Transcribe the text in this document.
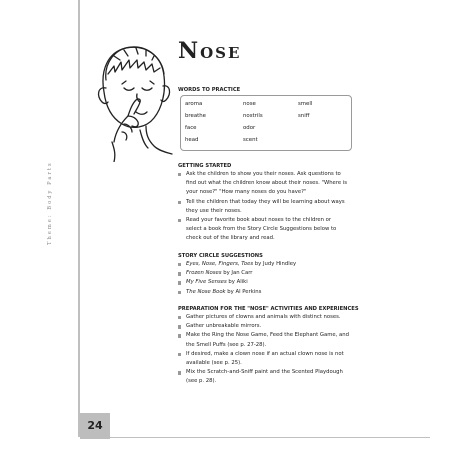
Theme: Body Parts
Nose
WORDS TO PRACTICE
aroma
breathe
face
head
nose
nostrils
odor
scent
smell
sniff
GETTING STARTED
Ask the children to show you their noses. Ask questions to
find out what the children know about their noses. "Where is
your nose?" "How many noses do you have?"
Tell the children that today they will be learning about ways
they use their noses.
Read your favorite book about noses to the children or
select a book from the Story Circle Suggestions below to
check out of the library and read.
STORY CIRCLE SUGGESTIONS
Eyes, Nose, Fingers, Toes by Judy Hindley
Frozen Noses by Jan Carr
My Five Senses by Aliki
The Nose Book by Al Perkins
PREPARATION FOR THE "NOSE" ACTIVITIES AND EXPERIENCES
Gather pictures of clowns and animals with distinct noses.
Gather unbreakable mirrors.
Make the Ring the Nose Game, Feed the Elephant Game, and
the Smell Puffs (see p. 27-28).
If desired, make a clown nose if an actual clown nose is not
available (see p. 25).
Mix the Scratch-and-Sniff paint and the Scented Playdough
(see p. 28).
24
